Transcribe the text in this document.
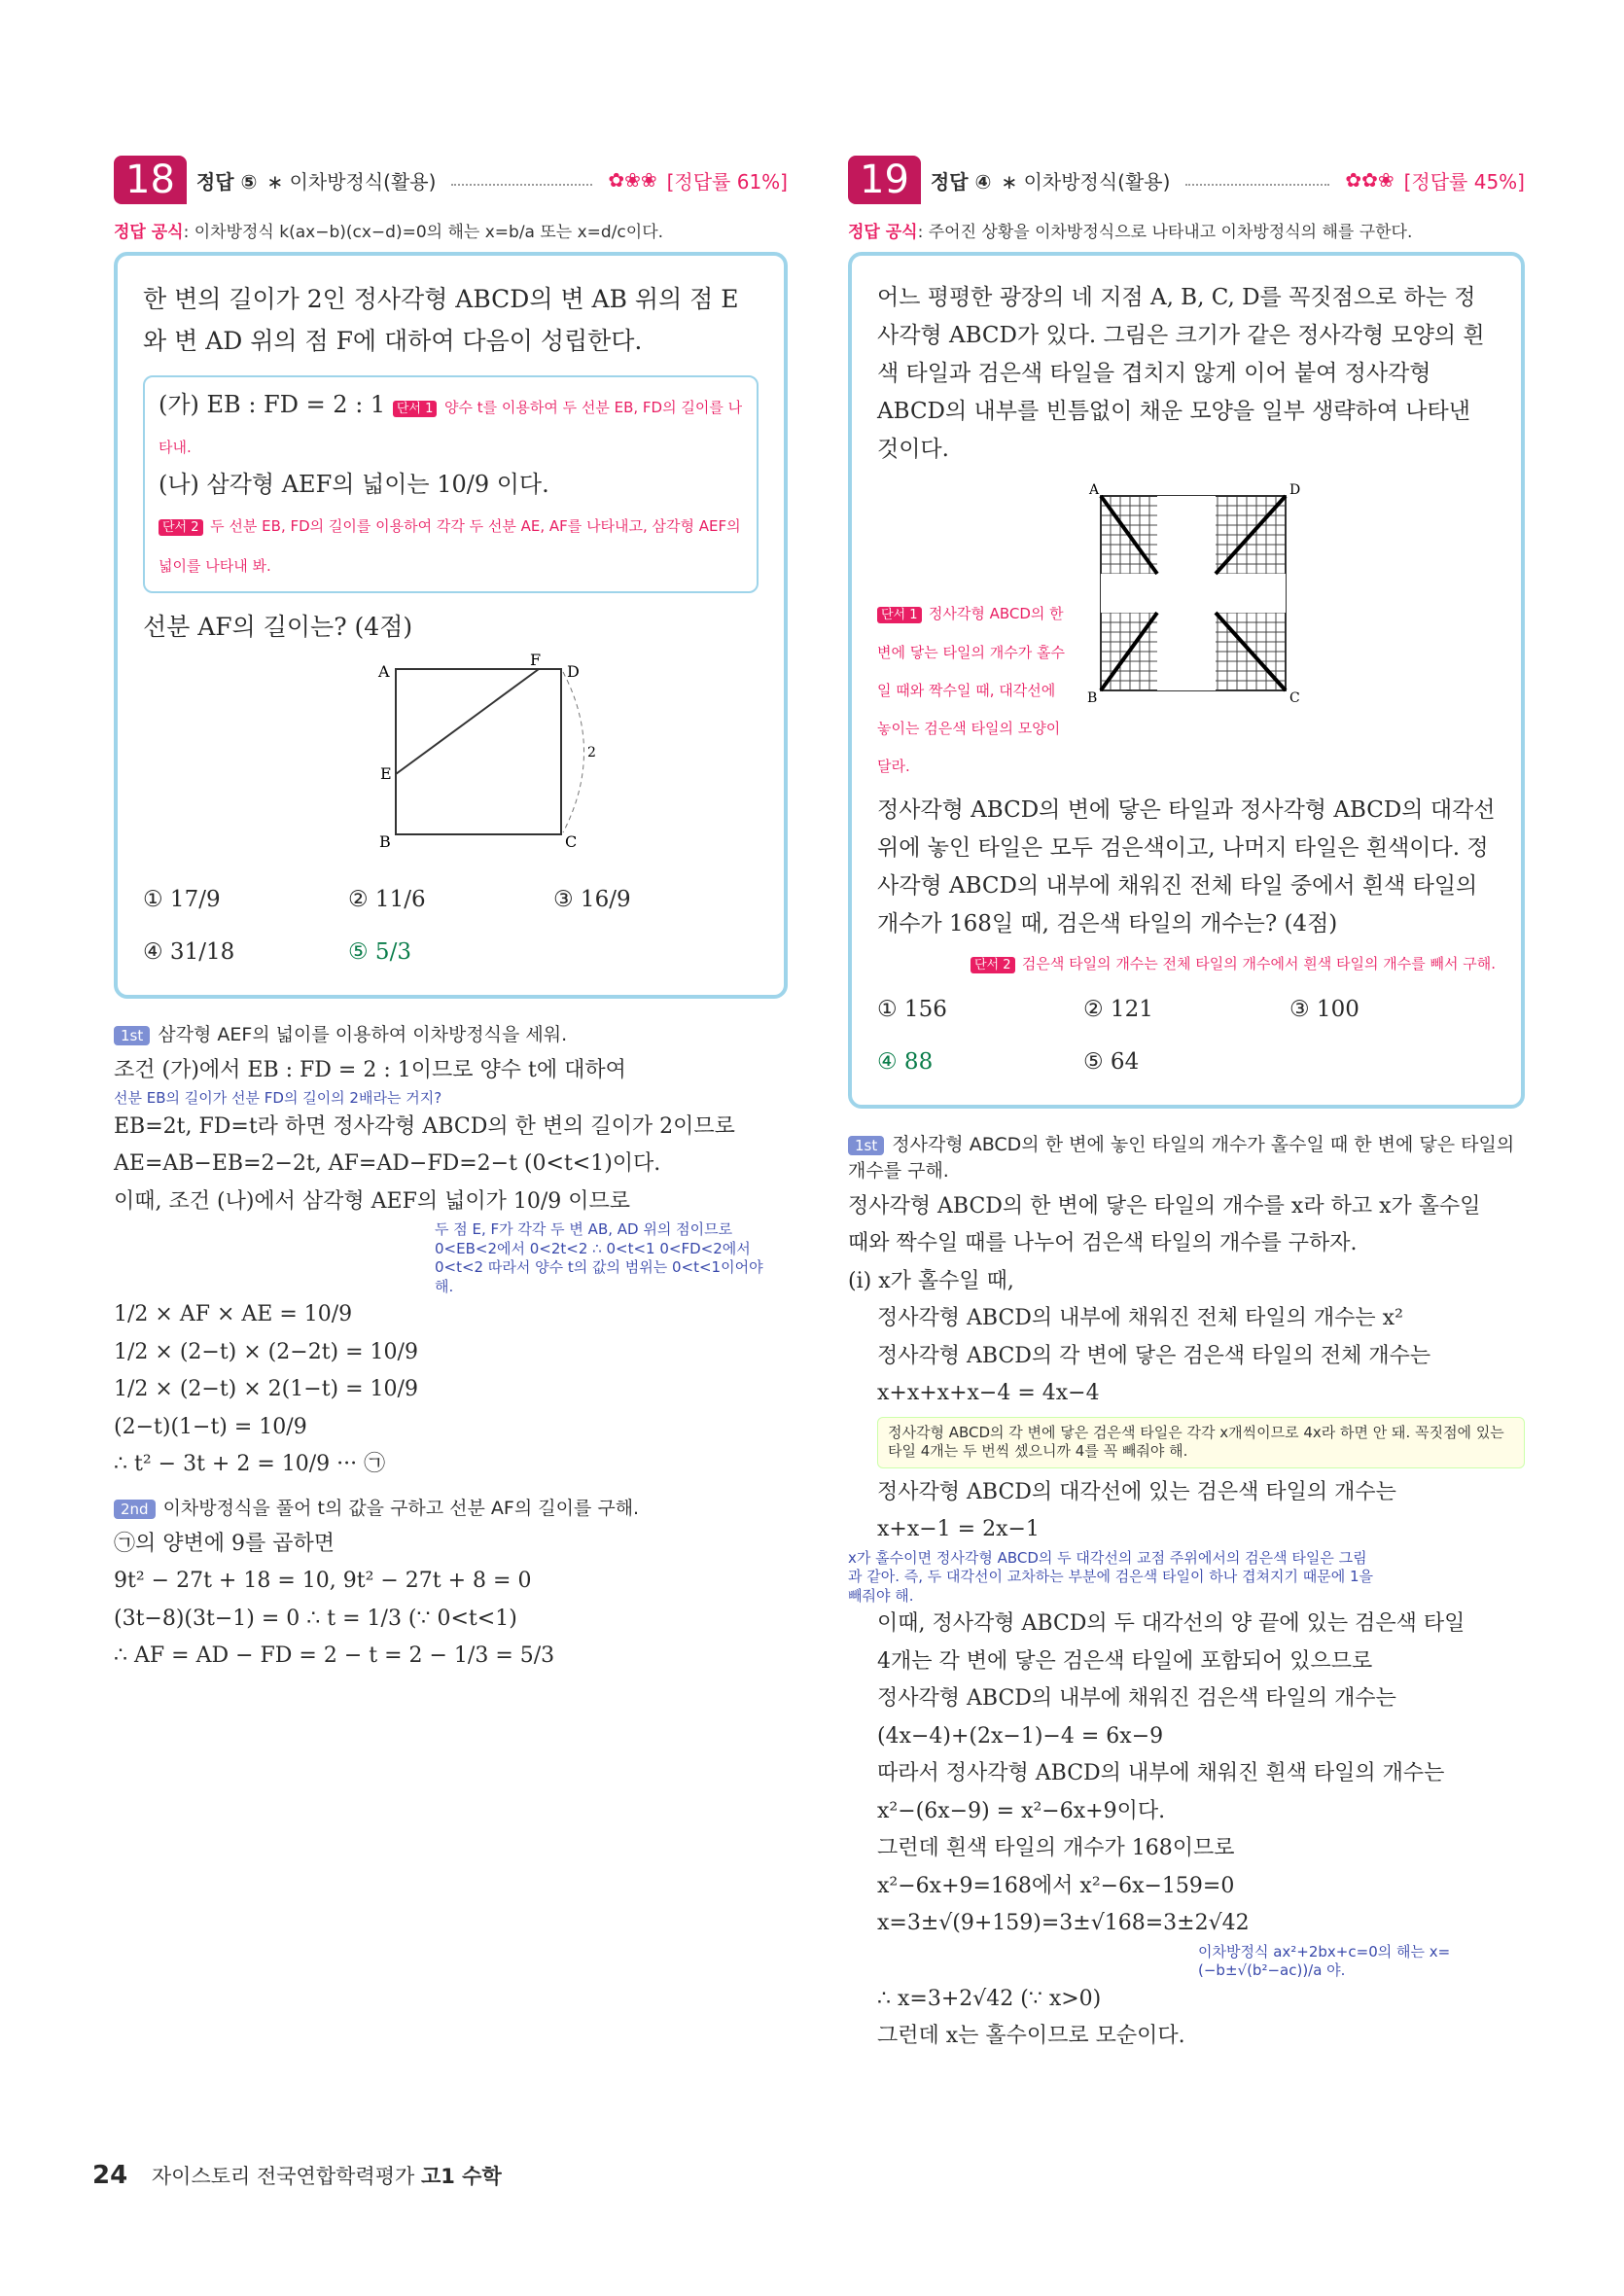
18	정답 ⑤ ∗ 이차방정식(활용)	✿❀❀ [정답률 61%]
정답 공식: 이차방정식 k(ax−b)(cx−d)=0의 해는 x=b/a 또는 x=d/c이다.
한 변의 길이가 2인 정사각형 ABCD의 변 AB 위의 점 E와 변 AD 위의 점 F에 대하여 다음이 성립한다.
(가) EB : FD = 2 : 1 단서 1 양수 t를 이용하여 두 선분 EB, FD의 길이를 나타내.
(나) 삼각형 AEF의 넓이는 10/9 이다.
단서 2 두 선분 EB, FD의 길이를 이용하여 각각 두 선분 AE, AF를 나타내고, 삼각형 AEF의 넓이를 나타내 봐.
선분 AF의 길이는? (4점)
A
B	C
D
E
F
2
① 17/9	② 11/6	③ 16/9
④ 31/18	⑤ 5/3
1st 삼각형 AEF의 넓이를 이용하여 이차방정식을 세워.
조건 (가)에서 EB : FD = 2 : 1이므로 양수 t에 대하여
선분 EB의 길이가 선분 FD의 길이의 2배라는 거지?
EB=2t, FD=t라 하면 정사각형 ABCD의 한 변의 길이가 2이므로
AE=AB−EB=2−2t, AF=AD−FD=2−t (0<t<1)이다.
이때, 조건 (나)에서 삼각형 AEF의 넓이가 10/9 이므로
두 점 E, F가 각각 두 변 AB, AD 위의 점이므로 0<EB<2에서 0<2t<2 ∴ 0<t<1 0<FD<2에서 0<t<2 따라서 양수 t의 값의 범위는 0<t<1이어야 해.
1/2 × AF × AE = 10/9
1/2 × (2−t) × (2−2t) = 10/9
1/2 × (2−t) × 2(1−t) = 10/9
(2−t)(1−t) = 10/9
∴ t² − 3t + 2 = 10/9 ··· ㉠
2nd 이차방정식을 풀어 t의 값을 구하고 선분 AF의 길이를 구해.
㉠의 양변에 9를 곱하면
9t² − 27t + 18 = 10, 9t² − 27t + 8 = 0
(3t−8)(3t−1) = 0 ∴ t = 1/3 (∵ 0<t<1)
∴ AF = AD − FD = 2 − t = 2 − 1/3 = 5/3
19	정답 ④ ∗ 이차방정식(활용)	✿✿❀ [정답률 45%]
정답 공식: 주어진 상황을 이차방정식으로 나타내고 이차방정식의 해를 구한다.
어느 평평한 광장의 네 지점 A, B, C, D를 꼭짓점으로 하는 정사각형 ABCD가 있다. 그림은 크기가 같은 정사각형 모양의 흰색 타일과 검은색 타일을 겹치지 않게 이어 붙여 정사각형 ABCD의 내부를 빈틈없이 채운 모양을 일부 생략하여 나타낸 것이다.
단서 1 정사각형 ABCD의 한 변에 닿는 타일의 개수가 홀수일 때와 짝수일 때, 대각선에 놓이는 검은색 타일의 모양이 달라.
A
B	C
D
정사각형 ABCD의 변에 닿은 타일과 정사각형 ABCD의 대각선 위에 놓인 타일은 모두 검은색이고, 나머지 타일은 흰색이다. 정사각형 ABCD의 내부에 채워진 전체 타일 중에서 흰색 타일의 개수가 168일 때, 검은색 타일의 개수는? (4점)
단서 2 검은색 타일의 개수는 전체 타일의 개수에서 흰색 타일의 개수를 빼서 구해.
① 156	② 121	③ 100
④ 88	⑤ 64
1st 정사각형 ABCD의 한 변에 놓인 타일의 개수가 홀수일 때 한 변에 닿은 타일의 개수를 구해.
정사각형 ABCD의 한 변에 닿은 타일의 개수를 x라 하고 x가 홀수일
때와 짝수일 때를 나누어 검은색 타일의 개수를 구하자.
(i) x가 홀수일 때,
정사각형 ABCD의 내부에 채워진 전체 타일의 개수는 x²
정사각형 ABCD의 각 변에 닿은 검은색 타일의 전체 개수는
x+x+x+x−4 = 4x−4
정사각형 ABCD의 각 변에 닿은 검은색 타일은 각각 x개씩이므로 4x라 하면 안 돼. 꼭짓점에 있는 타일 4개는 두 번씩 셌으니까 4를 꼭 빼줘야 해.
정사각형 ABCD의 대각선에 있는 검은색 타일의 개수는
x+x−1 = 2x−1
x가 홀수이면 정사각형 ABCD의 두 대각선의 교점 주위에서의 검은색 타일은 그림과 같아. 즉, 두 대각선이 교차하는 부분에 검은색 타일이 하나 겹쳐지기 때문에 1을 빼줘야 해.
이때, 정사각형 ABCD의 두 대각선의 양 끝에 있는 검은색 타일
4개는 각 변에 닿은 검은색 타일에 포함되어 있으므로
정사각형 ABCD의 내부에 채워진 검은색 타일의 개수는
(4x−4)+(2x−1)−4 = 6x−9
따라서 정사각형 ABCD의 내부에 채워진 흰색 타일의 개수는
x²−(6x−9) = x²−6x+9이다.
그런데 흰색 타일의 개수가 168이므로
x²−6x+9=168에서 x²−6x−159=0
x=3±√(9+159)=3±√168=3±2√42
이차방정식 ax²+2bx+c=0의 해는 x=(−b±√(b²−ac))/a 야.
∴ x=3+2√42 (∵ x>0)
그런데 x는 홀수이므로 모순이다.
24 자이스토리 전국연합학력평가 고1 수학
